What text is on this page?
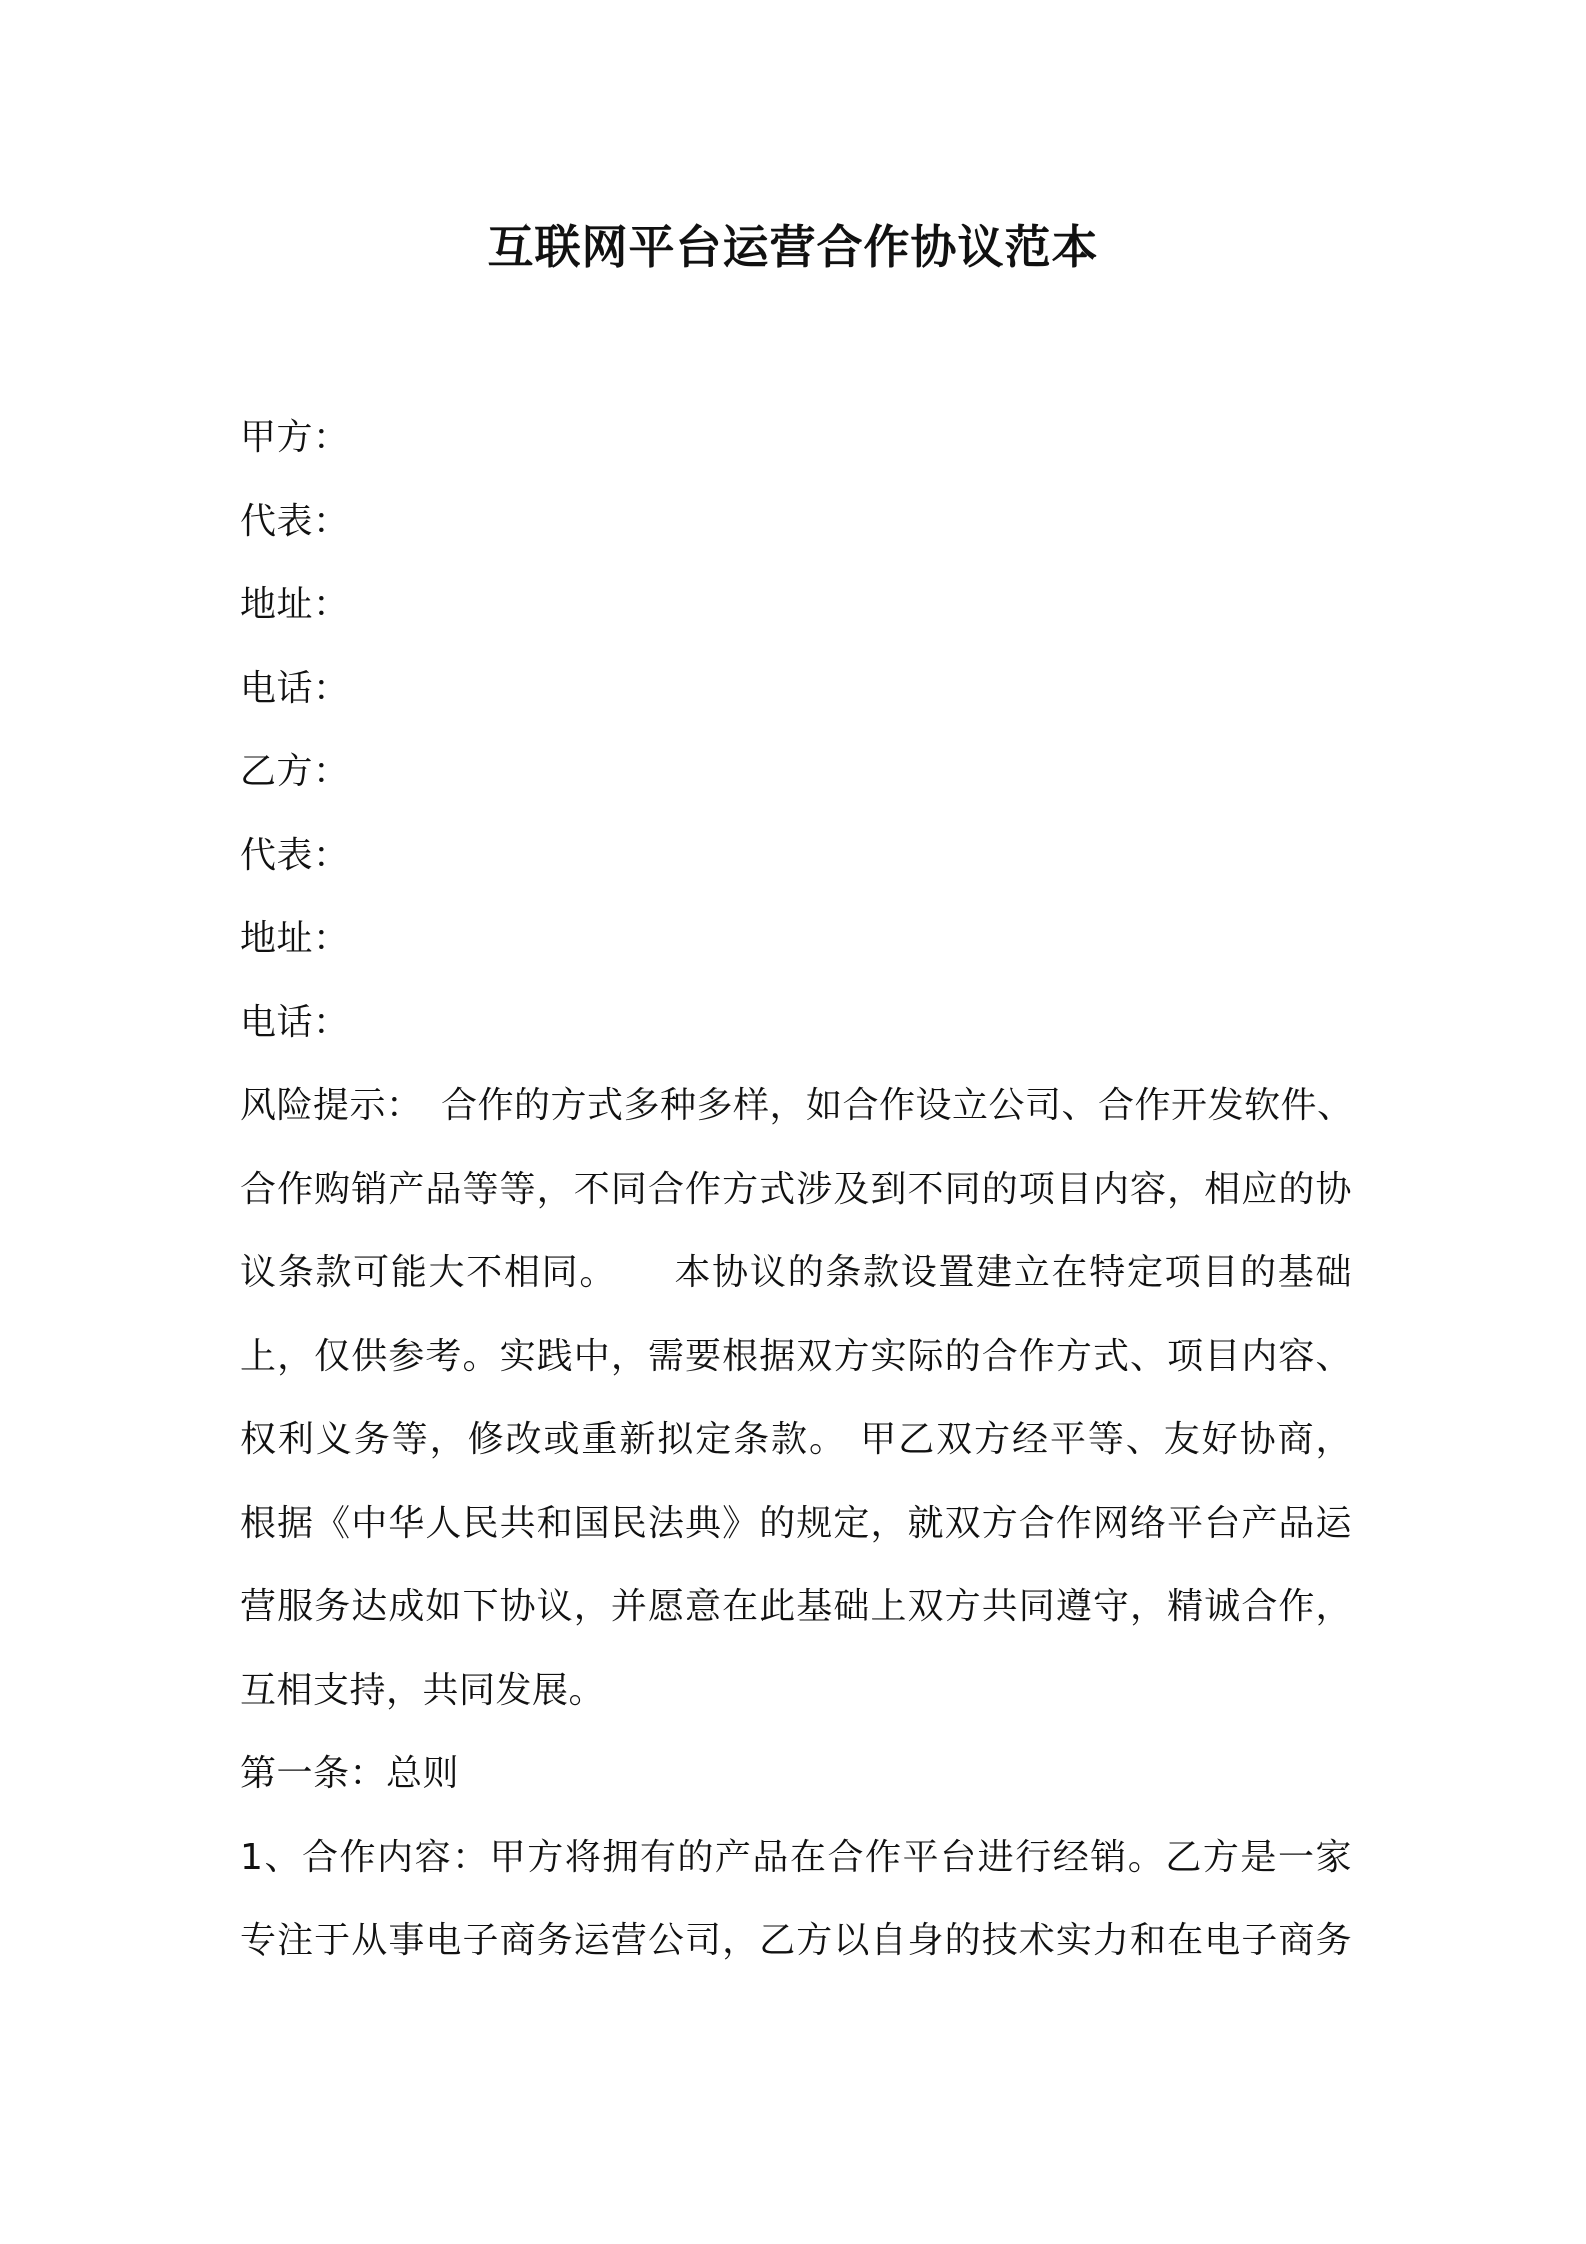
互联网平台运营合作协议范本
甲方：
代表：
地址：
电话：
乙方：
代表：
地址：
电话：
风险提示：　合作的方式多种多样，如合作设立公司、合作开发软件、
合作购销产品等等，不同合作方式涉及到不同的项目内容，相应的协
议条款可能大不相同。　　本协议的条款设置建立在特定项目的基础
上，仅供参考。实践中，需要根据双方实际的合作方式、项目内容、
权利义务等，修改或重新拟定条款。 甲乙双方经平等、友好协商，
根据《中华人民共和国民法典》的规定，就双方合作网络平台产品运
营服务达成如下协议，并愿意在此基础上双方共同遵守，精诚合作，
互相支持，共同发展。
第一条：总则
1、合作内容：甲方将拥有的产品在合作平台进行经销。乙方是一家
专注于从事电子商务运营公司，乙方以自身的技术实力和在电子商务
